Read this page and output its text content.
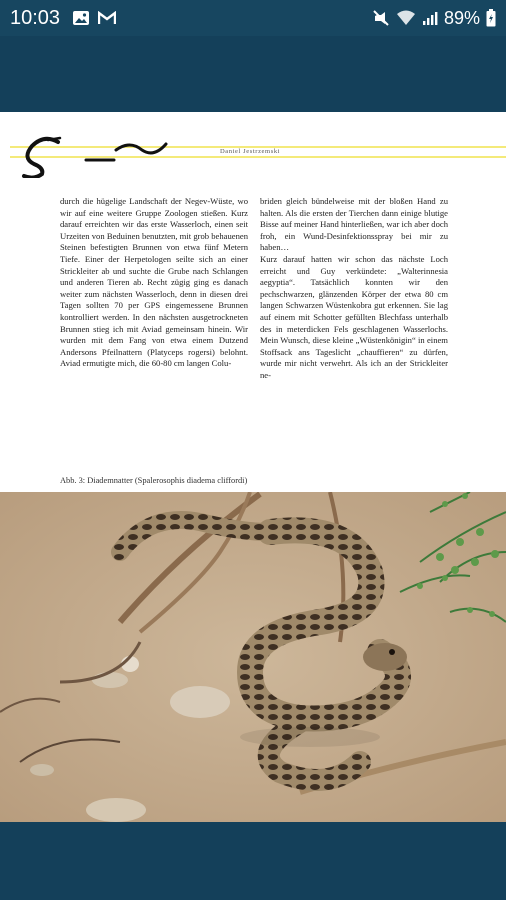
10:03	89%
Daniel Jestrzemski

durch die hügelige Landschaft der Negev-Wüste, wo wir auf eine weitere Gruppe Zoologen stießen. Kurz darauf erreichten wir das erste Wasserloch, einen seit Urzeiten von Beduinen benutzten, mit grob behauenen Steinen befestigten Brunnen von etwa fünf Metern Tiefe. Einer der Herpetologen seilte sich an einer Strickleiter ab und suchte die Grube nach Schlangen und anderen Tieren ab. Recht zügig ging es danach weiter zum nächsten Wasserloch, denn in diesen drei Tagen sollten 70 per GPS eingemessene Brunnen kontrolliert werden. In den nächsten ausgetrockneten Brunnen stieg ich mit Aviad gemeinsam hinein. Wir wurden mit dem Fang von etwa einem Dutzend Andersons Pfeilnattern (Platyceps rogersi) belohnt. Aviad ermutigte mich, die 60-80 cm langen Colu-

briden gleich bündelweise mit der bloßen Hand zu halten. Als die ersten der Tierchen dann einige blutige Bisse auf meiner Hand hinterließen, war ich aber doch froh, ein Wund-Desinfektionsspray bei mir zu haben…

Kurz darauf hatten wir schon das nächste Loch erreicht und Guy verkündete: „Walterinnesia aegyptia“. Tatsächlich konnten wir den pechschwarzen, glänzenden Körper der etwa 80 cm langen Schwarzen Wüstenkobra gut erkennen. Sie lag auf einem mit Schotter gefüllten Blechfass unterhalb des in meterdicken Fels geschlagenen Wasserlochs. Mein Wunsch, diese kleine „Wüstenkönigin“ in einem Stoffsack ans Tageslicht „chauffieren“ zu dürfen, wurde mir nicht verwehrt. Als ich an der Strickleiter ne-

Abb. 3: Diademnatter (Spalerosophis diadema cliffordi)
